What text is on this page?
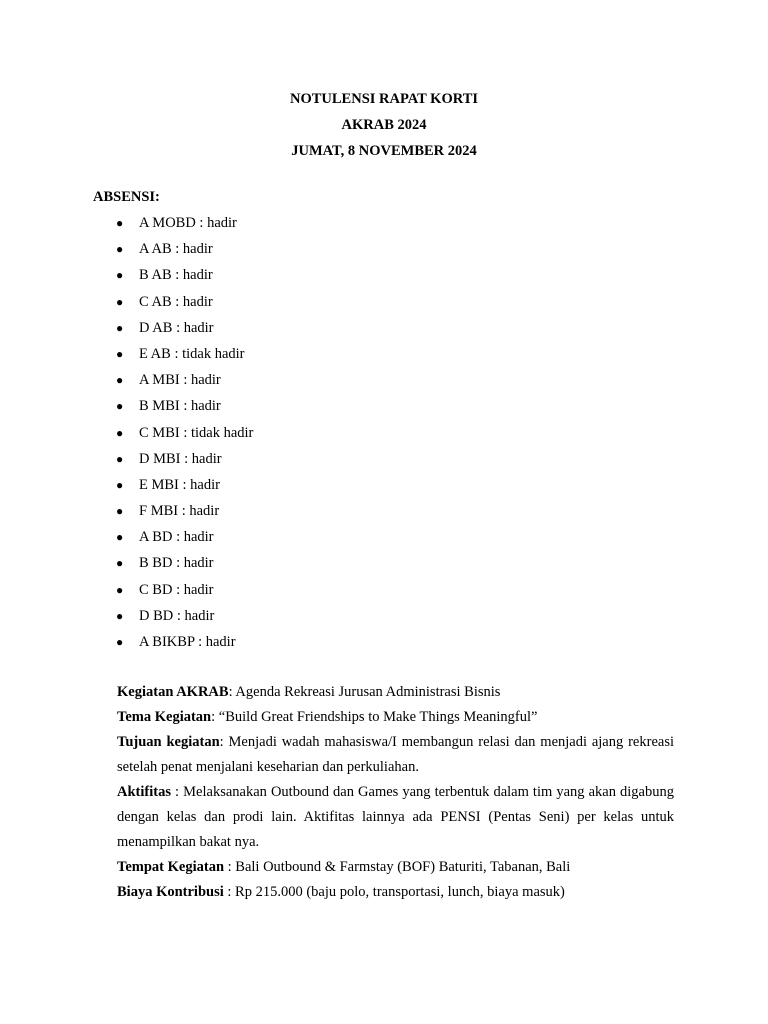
NOTULENSI RAPAT KORTI
AKRAB 2024
JUMAT, 8 NOVEMBER 2024
ABSENSI:
● A MOBD : hadir
● A AB : hadir
● B AB : hadir
● C AB : hadir
● D AB : hadir
● E AB : tidak hadir
● A MBI : hadir
● B MBI : hadir
● C MBI : tidak hadir
● D MBI : hadir
● E MBI : hadir
● F MBI : hadir
● A BD : hadir
● B BD : hadir
● C BD : hadir
● D BD : hadir
● A BIKBP : hadir

Kegiatan AKRAB: Agenda Rekreasi Jurusan Administrasi Bisnis

Tema Kegiatan: “Build Great Friendships to Make Things Meaningful”

Tujuan kegiatan: Menjadi wadah mahasiswa/I membangun relasi dan menjadi ajang rekreasi setelah penat menjalani keseharian dan perkuliahan.

Aktifitas : Melaksanakan Outbound dan Games yang terbentuk dalam tim yang akan digabung dengan kelas dan prodi lain. Aktifitas lainnya ada PENSI (Pentas Seni) per kelas untuk menampilkan bakat nya.

Tempat Kegiatan : Bali Outbound & Farmstay (BOF) Baturiti, Tabanan, Bali

Biaya Kontribusi : Rp 215.000 (baju polo, transportasi, lunch, biaya masuk)
